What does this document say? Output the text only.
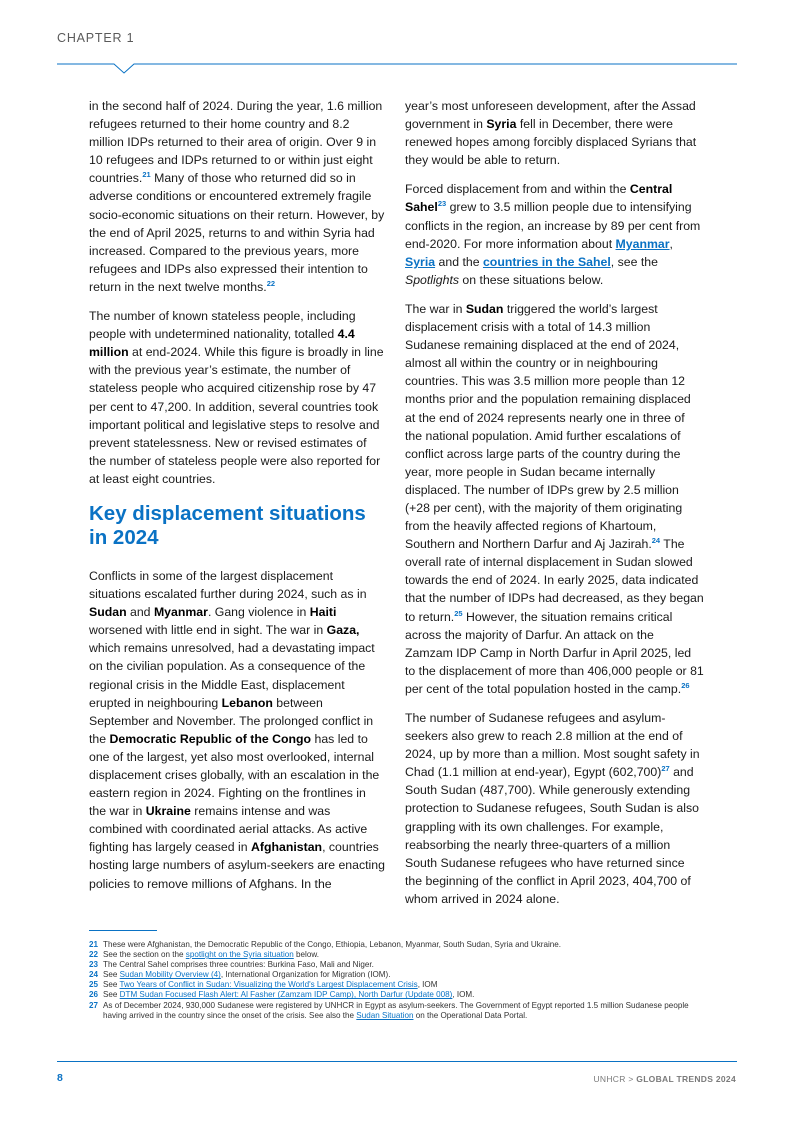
CHAPTER 1

in the second half of 2024. During the year, 1.6 million refugees returned to their home country and 8.2 million IDPs returned to their area of origin. Over 9 in 10 refugees and IDPs returned to or within just eight countries.$^{21}$ Many of those who returned did so in adverse conditions or encountered extremely fragile socio-economic situations on their return. However, by the end of April 2025, returns to and within Syria had increased. Compared to the previous years, more refugees and IDPs also expressed their intention to return in the next twelve months.$^{22}$

The number of known stateless people, including people with undetermined nationality, totalled 4.4 million at end-2024. While this figure is broadly in line with the previous year’s estimate, the number of stateless people who acquired citizenship rose by 47 per cent to 47,200. In addition, several countries took important political and legislative steps to resolve and prevent statelessness. New or revised estimates of the number of stateless people were also reported for at least eight countries.

Key displacement situations in 2024

Conflicts in some of the largest displacement situations escalated further during 2024, such as in Sudan and Myanmar. Gang violence in Haiti worsened with little end in sight. The war in Gaza, which remains unresolved, had a devastating impact on the civilian population. As a consequence of the regional crisis in the Middle East, displacement erupted in neighbouring Lebanon between September and November. The prolonged conflict in the Democratic Republic of the Congo has led to one of the largest, yet also most overlooked, internal displacement crises globally, with an escalation in the eastern region in 2024. Fighting on the frontlines in the war in Ukraine remains intense and was combined with coordinated aerial attacks. As active fighting has largely ceased in Afghanistan, countries hosting large numbers of asylum-seekers are enacting policies to remove millions of Afghans. In the

year’s most unforeseen development, after the Assad government in Syria fell in December, there were renewed hopes among forcibly displaced Syrians that they would be able to return.

Forced displacement from and within the Central Sahel$^{23}$ grew to 3.5 million people due to intensifying conflicts in the region, an increase by 89 per cent from end-2020. For more information about Myanmar, Syria and the countries in the Sahel, see the Spotlights on these situations below.

The war in Sudan triggered the world’s largest displacement crisis with a total of 14.3 million Sudanese remaining displaced at the end of 2024, almost all within the country or in neighbouring countries. This was 3.5 million more people than 12 months prior and the population remaining displaced at the end of 2024 represents nearly one in three of the national population. Amid further escalations of conflict across large parts of the country during the year, more people in Sudan became internally displaced. The number of IDPs grew by 2.5 million (+28 per cent), with the majority of them originating from the heavily affected regions of Khartoum, Southern and Northern Darfur and Aj Jazirah.$^{24}$ The overall rate of internal displacement in Sudan slowed towards the end of 2024. In early 2025, data indicated that the number of IDPs had decreased, as they began to return.$^{25}$ However, the situation remains critical across the majority of Darfur. An attack on the Zamzam IDP Camp in North Darfur in April 2025, led to the displacement of more than 406,000 people or 81 per cent of the total population hosted in the camp.$^{26}$

The number of Sudanese refugees and asylum-seekers also grew to reach 2.8 million at the end of 2024, up by more than a million. Most sought safety in Chad (1.1 million at end-year), Egypt (602,700)$^{27}$ and South Sudan (487,700). While generously extending protection to Sudanese refugees, South Sudan is also grappling with its own challenges. For example, reabsorbing the nearly three-quarters of a million South Sudanese refugees who have returned since the beginning of the conflict in April 2023, 404,700 of whom arrived in 2024 alone.

21 These were Afghanistan, the Democratic Republic of the Congo, Ethiopia, Lebanon, Myanmar, South Sudan, Syria and Ukraine.
22 See the section on the spotlight on the Syria situation below.
23 The Central Sahel comprises three countries: Burkina Faso, Mali and Niger.
24 See Sudan Mobility Overview (4), International Organization for Migration (IOM).
25 See Two Years of Conflict in Sudan: Visualizing the World's Largest Displacement Crisis, IOM
26 See DTM Sudan Focused Flash Alert: Al Fasher (Zamzam IDP Camp), North Darfur (Update 008), IOM.
27 As of December 2024, 930,000 Sudanese were registered by UNHCR in Egypt as asylum-seekers. The Government of Egypt reported 1.5 million Sudanese people having arrived in the country since the onset of the crisis. See also the Sudan Situation on the Operational Data Portal.
8	UNHCR > GLOBAL TRENDS 2024
